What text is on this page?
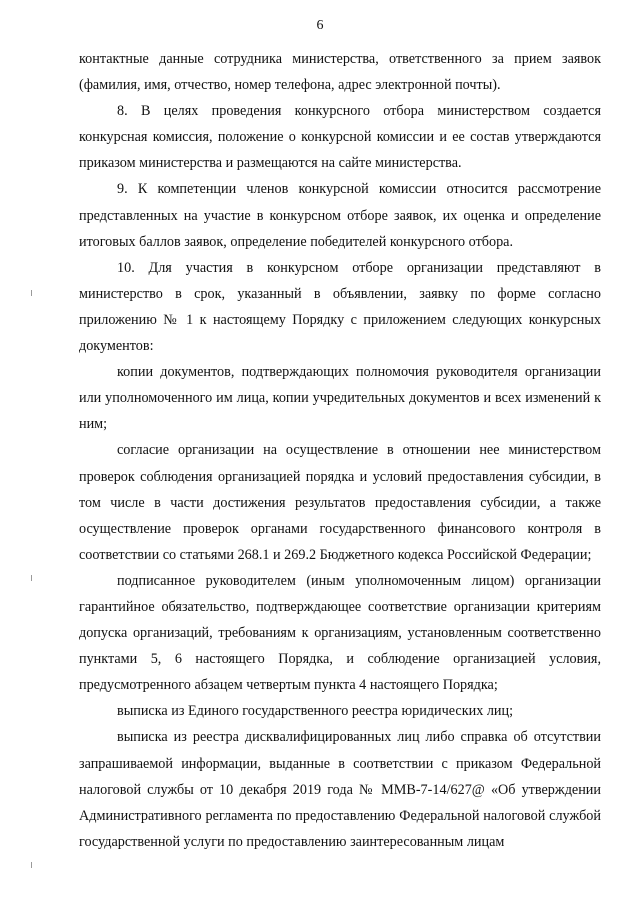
6

контактные данные сотрудника министерства, ответственного за прием заявок (фамилия, имя, отчество, номер телефона, адрес электронной почты).

8. В целях проведения конкурсного отбора министерством создается конкурсная комиссия, положение о конкурсной комиссии и ее состав утверждаются приказом министерства и размещаются на сайте министерства.

9. К компетенции членов конкурсной комиссии относится рассмотрение представленных на участие в конкурсном отборе заявок, их оценка и определение итоговых баллов заявок, определение победителей конкурсного отбора.

10. Для участия в конкурсном отборе организации представляют в министерство в срок, указанный в объявлении, заявку по форме согласно приложению № 1 к настоящему Порядку с приложением следующих конкурсных документов:

копии документов, подтверждающих полномочия руководителя организации или уполномоченного им лица, копии учредительных документов и всех изменений к ним;

согласие организации на осуществление в отношении нее министерством проверок соблюдения организацией порядка и условий предоставления субсидии, в том числе в части достижения результатов предоставления субсидии, а также осуществление проверок органами государственного финансового контроля в соответствии со статьями 268.1 и 269.2 Бюджетного кодекса Российской Федерации;

подписанное руководителем (иным уполномоченным лицом) организации гарантийное обязательство, подтверждающее соответствие организации критериям допуска организаций, требованиям к организациям, установленным соответственно пунктами 5, 6 настоящего Порядка, и соблюдение организацией условия, предусмотренного абзацем четвертым пункта 4 настоящего Порядка;

выписка из Единого государственного реестра юридических лиц;

выписка из реестра дисквалифицированных лиц либо справка об отсутствии запрашиваемой информации, выданные в соответствии с приказом Федеральной налоговой службы от 10 декабря 2019 года № ММВ-7-14/627@ «Об утверждении Административного регламента по предоставлению Федеральной налоговой службой государственной услуги по предоставлению заинтересованным лицам
